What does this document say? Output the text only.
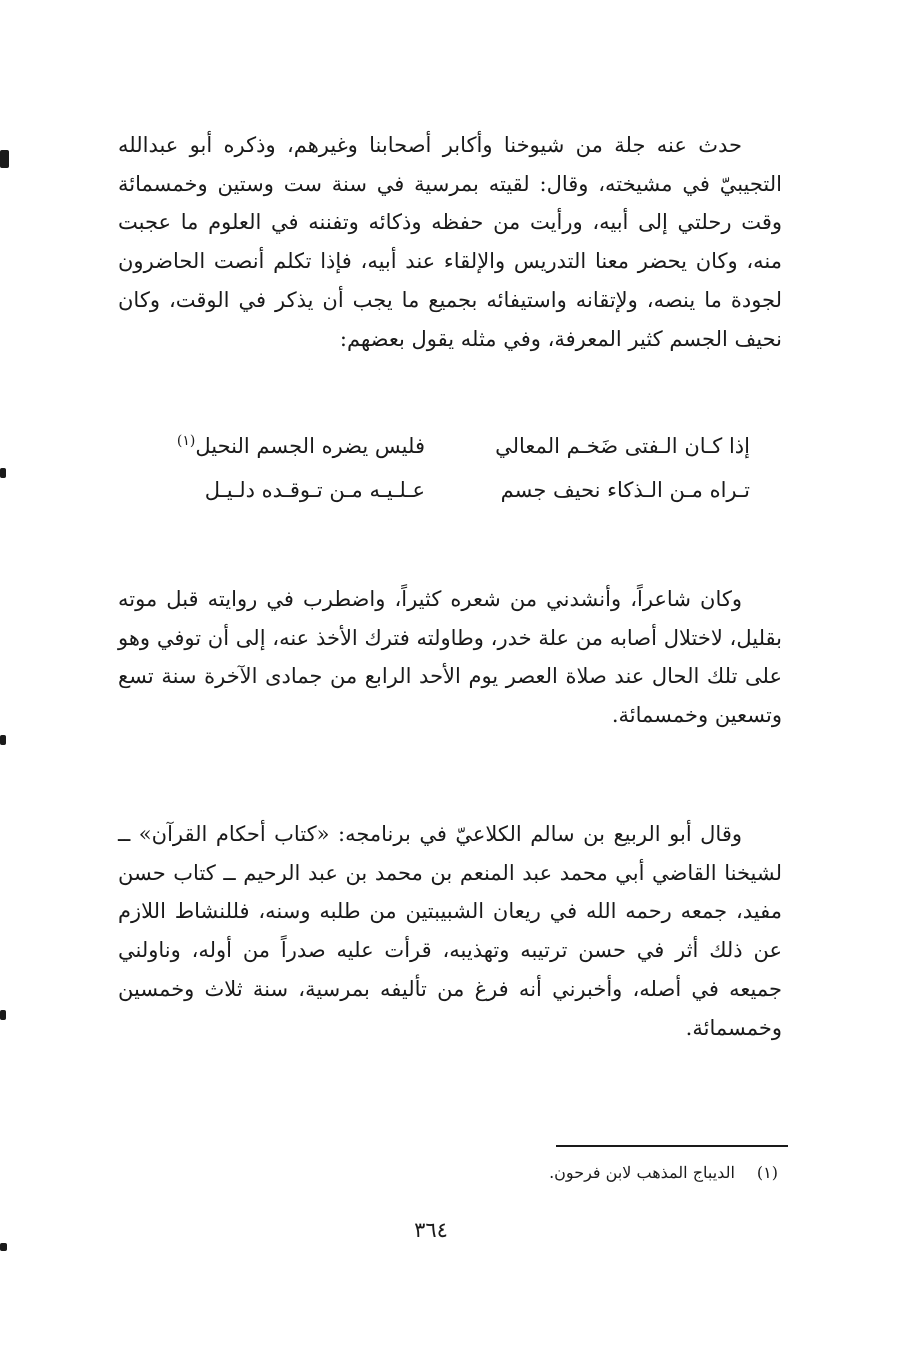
حدث عنه جلة من شيوخنا وأكابر أصحابنا وغيرهم، وذكره أبو عبدالله التجيبيّ في مشيخته، وقال: لقيته بمرسية في سنة ست وستين وخمسمائة وقت رحلتي إلى أبيه، ورأيت من حفظه وذكائه وتفننه في العلوم ما عجبت منه، وكان يحضر معنا التدريس والإلقاء عند أبيه، فإذا تكلم أنصت الحاضرون لجودة ما ينصه، ولإتقانه واستيفائه بجميع ما يجب أن يذكر في الوقت، وكان نحيف الجسم كثير المعرفة، وفي مثله يقول بعضهم:

إذا كـان الـفتى ضَخـم المعالي
فليس يضره الجسم النحيل$^{(١)}$
تـراه مـن الـذكاء نحيف جسم
عـلـيـه مـن تـوقـده دلـيـل

وكان شاعراً، وأنشدني من شعره كثيراً، واضطرب في روايته قبل موته بقليل، لاختلال أصابه من علة خدر، وطاولته فترك الأخذ عنه، إلى أن توفي وهو على تلك الحال عند صلاة العصر يوم الأحد الرابع من جمادى الآخرة سنة تسع وتسعين وخمسمائة.

وقال أبو الربيع بن سالم الكلاعيّ في برنامجه: «كتاب أحكام القرآن» ــ لشيخنا القاضي أبي محمد عبد المنعم بن محمد بن عبد الرحيم ــ كتاب حسن مفيد، جمعه رحمه الله في ريعان الشبيبتين من طلبه وسنه، فللنشاط اللازم عن ذلك أثر في حسن ترتيبه وتهذيبه، قرأت عليه صدراً من أوله، وناولني جميعه في أصله، وأخبرني أنه فرغ من تأليفه بمرسية، سنة ثلاث وخمسين وخمسمائة.

(١)الديباج المذهب لابن فرحون.
٣٦٤
